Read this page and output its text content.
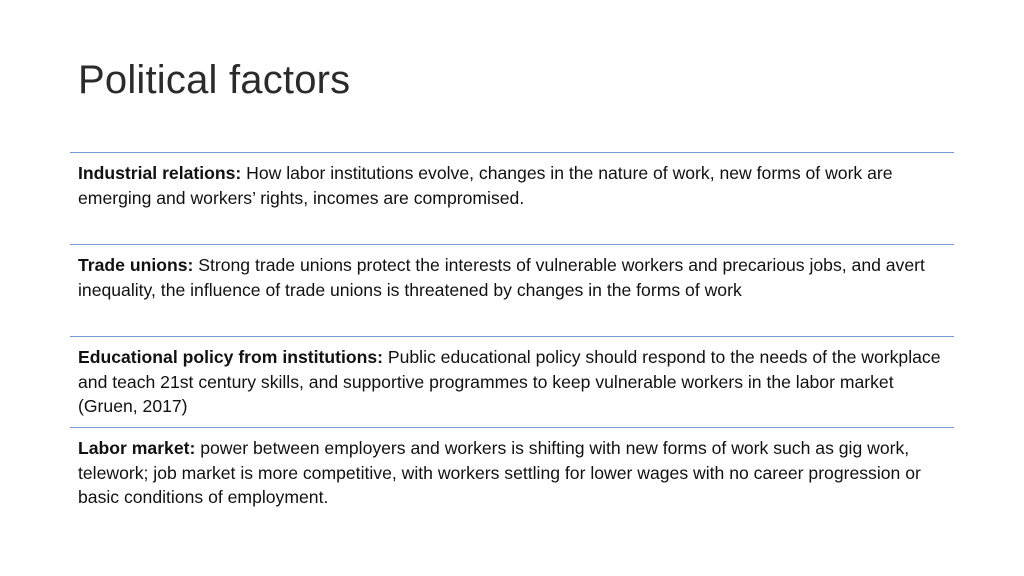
Political factors
Industrial relations: How labor institutions evolve, changes in the nature of work, new forms of work are emerging and workers’ rights, incomes are compromised.
Trade unions: Strong trade unions protect the interests of vulnerable workers and precarious jobs, and avert inequality, the influence of trade unions is threatened by changes in the forms of work
Educational policy from institutions: Public educational policy should respond to the needs of the workplace and teach 21st century skills, and supportive programmes to keep vulnerable workers in the labor market (Gruen, 2017)
Labor market: power between employers and workers is shifting with new forms of work such as gig work, telework; job market is more competitive, with workers settling for lower wages with no career progression or basic conditions of employment.
